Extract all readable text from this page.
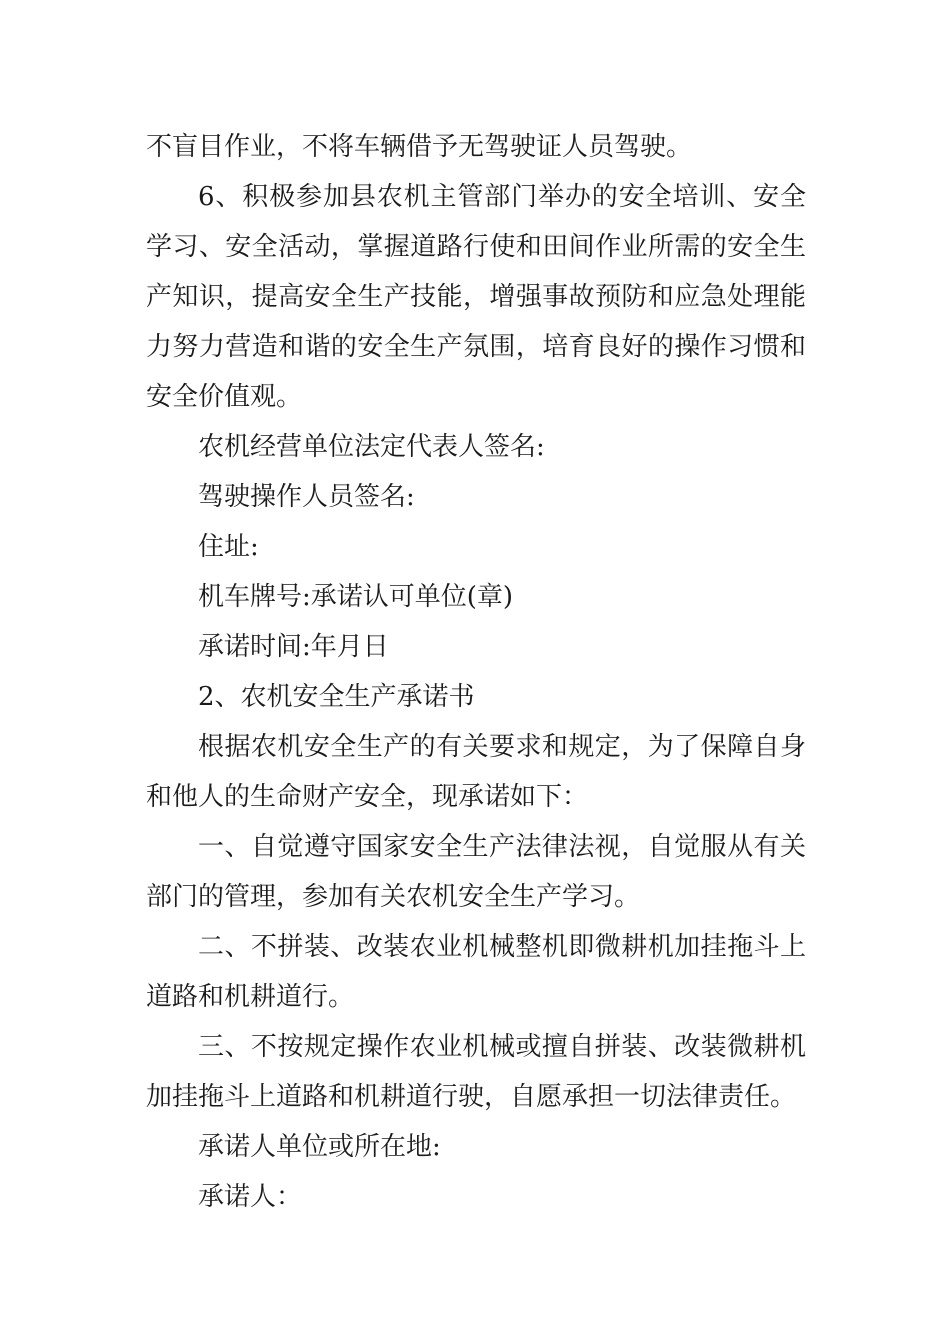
不盲目作业，不将车辆借予无驾驶证人员驾驶。

6、积极参加县农机主管部门举办的安全培训、安全学习、安全活动，掌握道路行使和田间作业所需的安全生产知识，提高安全生产技能，增强事故预防和应急处理能力努力营造和谐的安全生产氛围，培育良好的操作习惯和安全价值观。

农机经营单位法定代表人签名:

驾驶操作人员签名:

住址:

机车牌号:承诺认可单位(章)

承诺时间:年月日

2、农机安全生产承诺书

根据农机安全生产的有关要求和规定，为了保障自身和他人的生命财产安全，现承诺如下：

一、自觉遵守国家安全生产法律法视，自觉服从有关部门的管理，参加有关农机安全生产学习。

二、不拼装、改装农业机械整机即微耕机加挂拖斗上道路和机耕道行。

三、不按规定操作农业机械或擅自拼装、改装微耕机加挂拖斗上道路和机耕道行驶，自愿承担一切法律责任。

承诺人单位或所在地:

承诺人：
